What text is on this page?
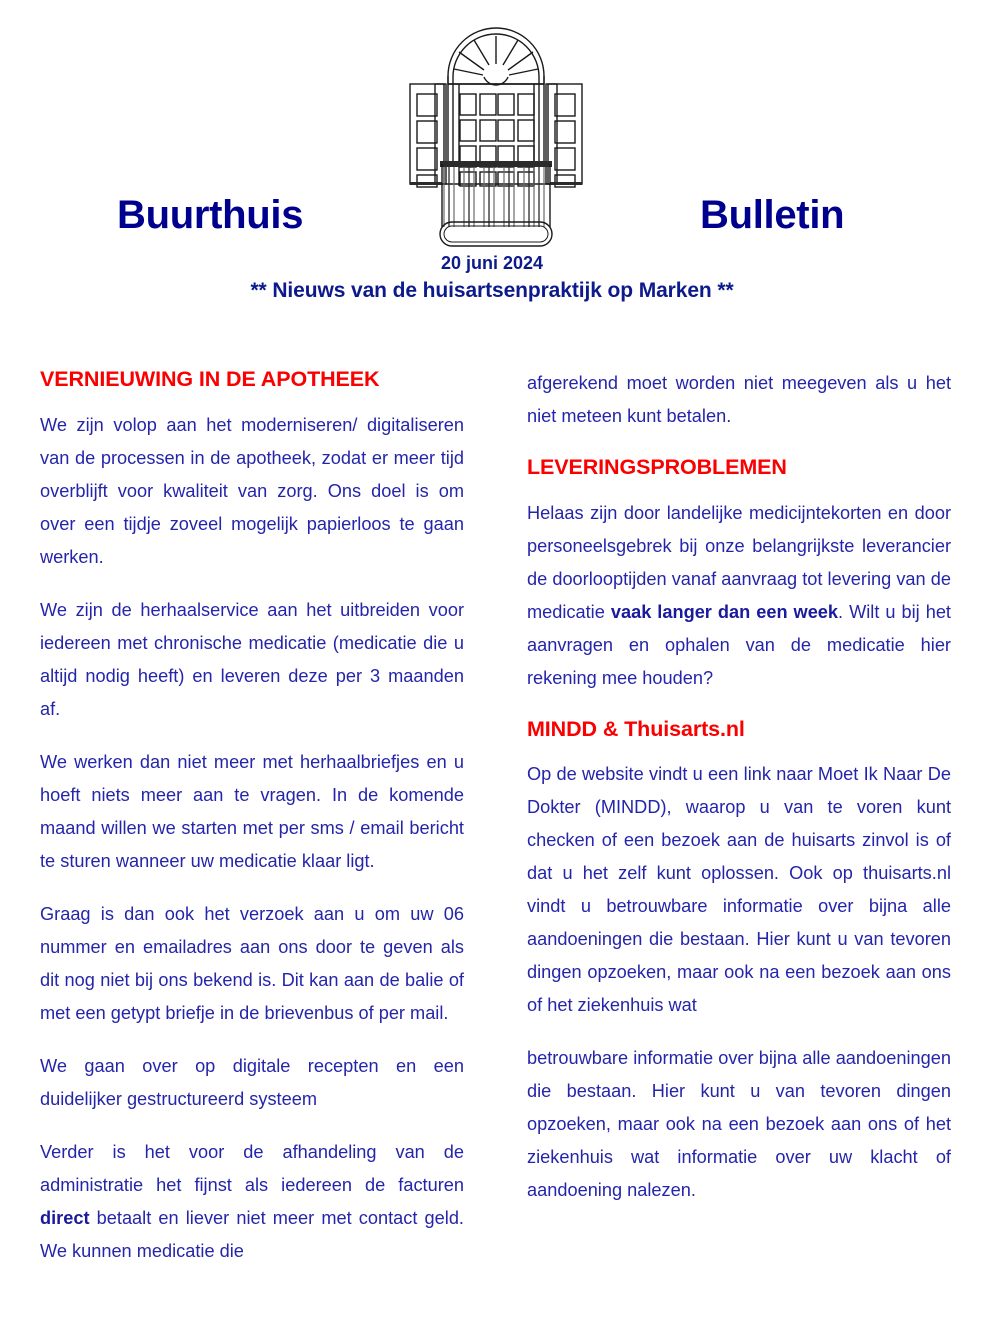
Buurthuis	Bulletin
20 juni 2024
** Nieuws van de huisartsenpraktijk op Marken **
VERNIEUWING IN DE APOTHEEK

We zijn volop aan het moderniseren/ digitaliseren van de processen in de apotheek, zodat er meer tijd overblijft voor kwaliteit van zorg. Ons doel is om over een tijdje zoveel mogelijk papierloos te gaan werken.

We zijn de herhaalservice aan het uitbreiden voor iedereen met chronische medicatie (medicatie die u altijd nodig heeft) en leveren deze per 3 maanden af.

We werken dan niet meer met herhaalbriefjes en u hoeft niets meer aan te vragen. In de komende maand willen we starten met per sms / email bericht te sturen wanneer uw medicatie klaar ligt.

Graag is dan ook het verzoek aan u om uw 06 nummer en emailadres aan ons door te geven als dit nog niet bij ons bekend is. Dit kan aan de balie of met een getypt briefje in de brievenbus of per mail.

We gaan over op digitale recepten en een duidelijker gestructureerd systeem

Verder is het voor de afhandeling van de administratie het fijnst als iedereen de facturen direct betaalt en liever niet meer met contact geld. We kunnen medicatie die

afgerekend moet worden niet meegeven als u het niet meteen kunt betalen.

LEVERINGSPROBLEMEN

Helaas zijn door landelijke medicijntekorten en door personeelsgebrek bij onze belangrijkste leverancier de doorlooptijden vanaf aanvraag tot levering van de medicatie vaak langer dan een week. Wilt u bij het aanvragen en ophalen van de medicatie hier rekening mee houden?

MINDD & Thuisarts.nl

Op de website vindt u een link naar Moet Ik Naar De Dokter (MINDD), waarop u van te voren kunt checken of een bezoek aan de huisarts zinvol is of dat u het zelf kunt oplossen. Ook op thuisarts.nl vindt u betrouwbare informatie over bijna alle aandoeningen die bestaan. Hier kunt u van tevoren dingen opzoeken, maar ook na een bezoek aan ons of het ziekenhuis wat

betrouwbare informatie over bijna alle aandoeningen die bestaan. Hier kunt u van tevoren dingen opzoeken, maar ook na een bezoek aan ons of het ziekenhuis wat informatie over uw klacht of aandoening nalezen.
